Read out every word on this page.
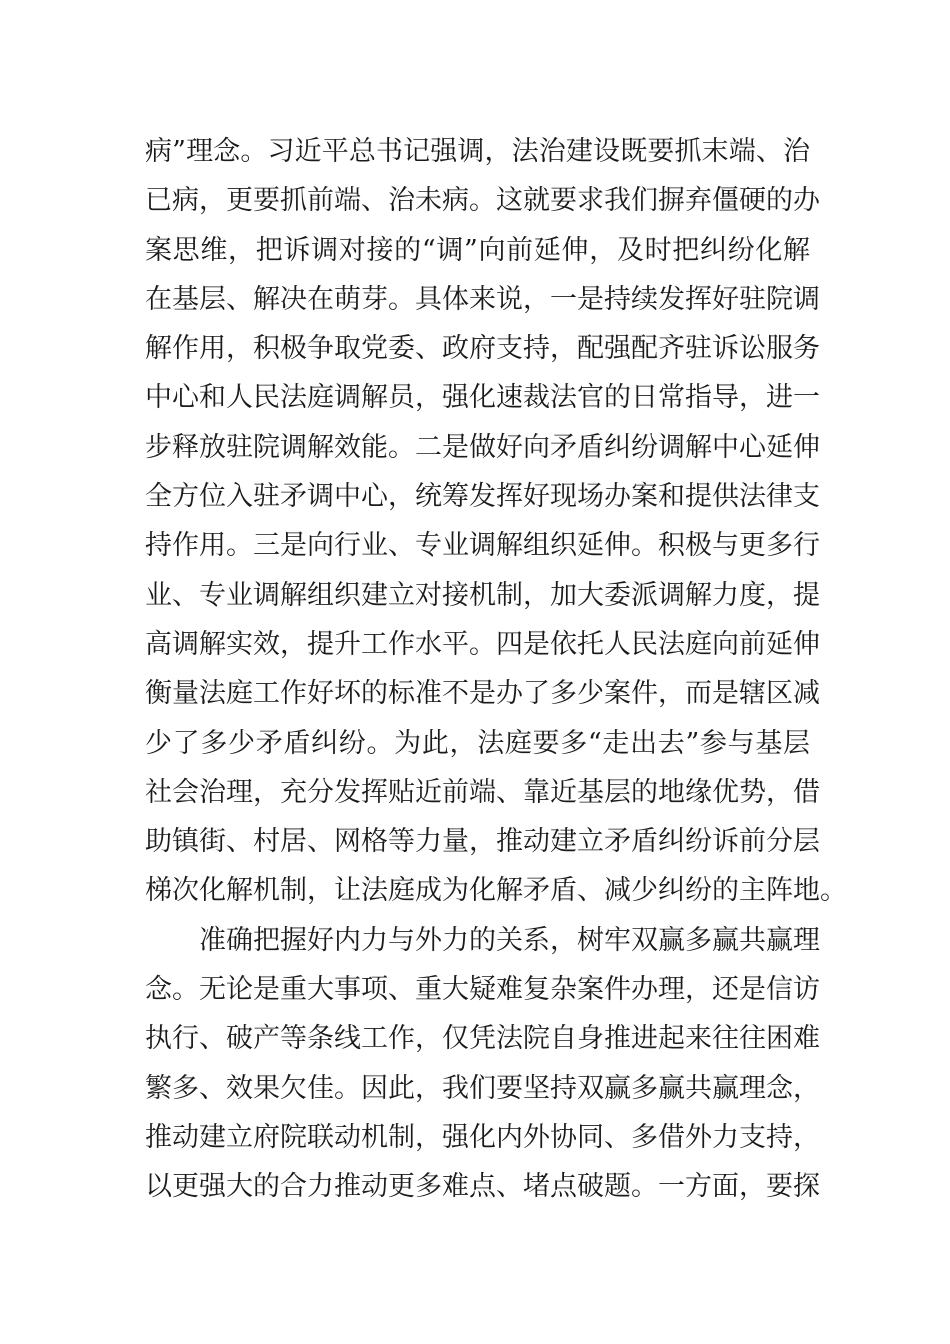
病”理念。习近平总书记强调，法治建设既要抓末端、治
已病，更要抓前端、治未病。这就要求我们摒弃僵硬的办
案思维，把诉调对接的“调”向前延伸，及时把纠纷化解
在基层、解决在萌芽。具体来说，一是持续发挥好驻院调
解作用，积极争取党委、政府支持，配强配齐驻诉讼服务
中心和人民法庭调解员，强化速裁法官的日常指导，进一
步释放驻院调解效能。二是做好向矛盾纠纷调解中心延伸
全方位入驻矛调中心，统筹发挥好现场办案和提供法律支
持作用。三是向行业、专业调解组织延伸。积极与更多行
业、专业调解组织建立对接机制，加大委派调解力度，提
高调解实效，提升工作水平。四是依托人民法庭向前延伸
衡量法庭工作好坏的标准不是办了多少案件，而是辖区减
少了多少矛盾纠纷。为此，法庭要多“走出去”参与基层
社会治理，充分发挥贴近前端、靠近基层的地缘优势，借
助镇街、村居、网格等力量，推动建立矛盾纠纷诉前分层
梯次化解机制，让法庭成为化解矛盾、减少纠纷的主阵地。
准确把握好内力与外力的关系，树牢双赢多赢共赢理
念。无论是重大事项、重大疑难复杂案件办理，还是信访
执行、破产等条线工作，仅凭法院自身推进起来往往困难
繁多、效果欠佳。因此，我们要坚持双赢多赢共赢理念，
推动建立府院联动机制，强化内外协同、多借外力支持，
以更强大的合力推动更多难点、堵点破题。一方面，要探
